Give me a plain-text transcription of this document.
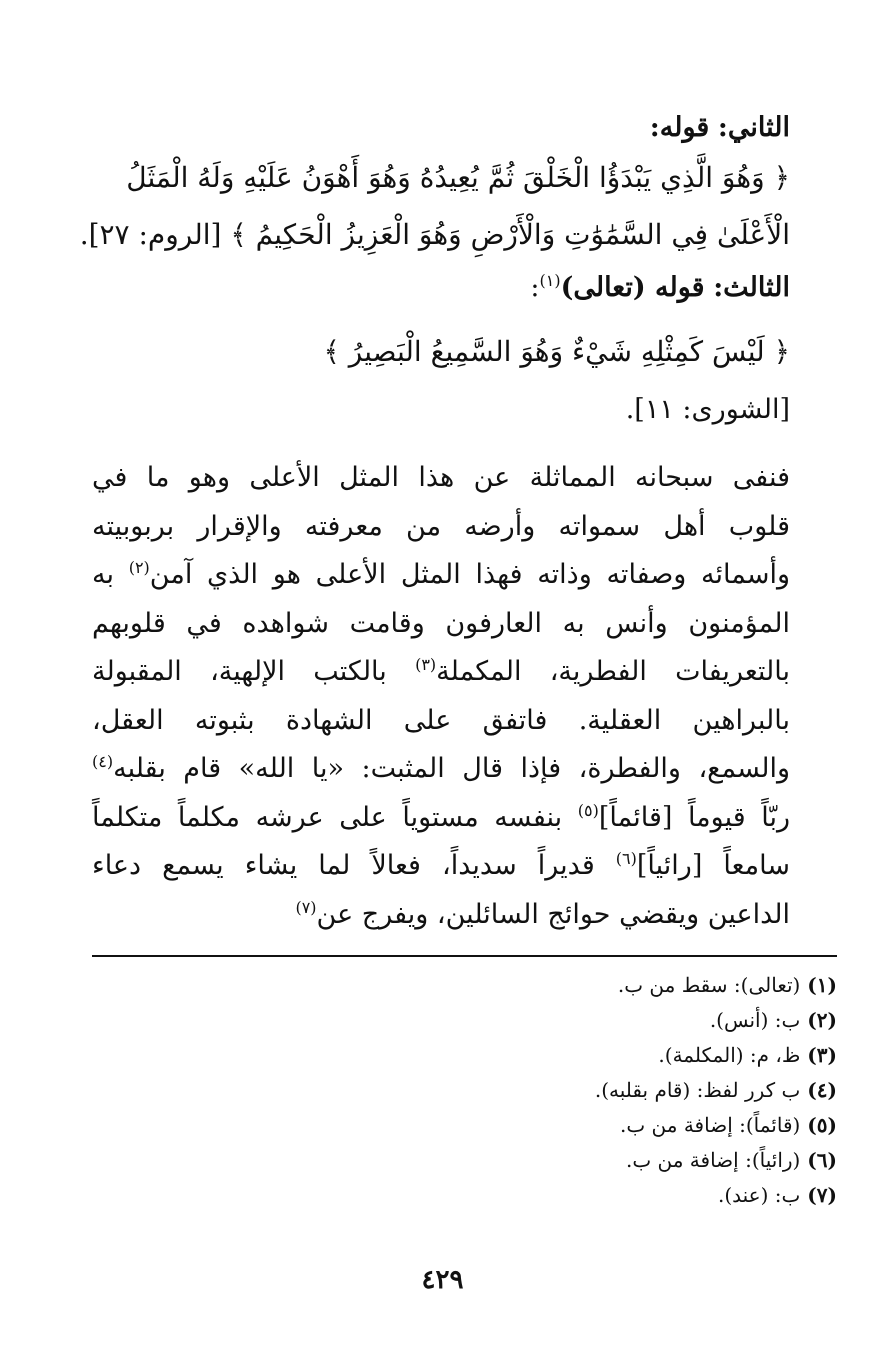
الثاني: قوله:
﴿ وَهُوَ الَّذِي يَبْدَؤُا الْخَلْقَ ثُمَّ يُعِيدُهُ وَهُوَ أَهْوَنُ عَلَيْهِ وَلَهُ الْمَثَلُ
الْأَعْلَىٰ فِي السَّمَٰوَٰتِ وَالْأَرْضِ وَهُوَ الْعَزِيزُ الْحَكِيمُ ﴾ [الروم: ٢٧].
الثالث: قوله (تعالى)$^{(١)}$:
﴿ لَيْسَ كَمِثْلِهِ شَيْءٌ وَهُوَ السَّمِيعُ الْبَصِيرُ ﴾
[الشورى: ١١].
فنفى سبحانه المماثلة عن هذا المثل الأعلى وهو ما في
قلوب أهل سمواته وأرضه من معرفته والإقرار بربوبيته
وأسمائه وصفاته وذاته فهذا المثل الأعلى هو الذي آمن$^{(٢)}$ به
المؤمنون وأنس به العارفون وقامت شواهده في قلوبهم
بالتعريفات الفطرية، المكملة$^{(٣)}$ بالكتب الإلهية، المقبولة
بالبراهين العقلية. فاتفق على الشهادة بثبوته العقل،
والسمع، والفطرة، فإذا قال المثبت: «يا الله» قام بقلبه$^{(٤)}$
ربّاً قيوماً [قائماً]$^{(٥)}$ بنفسه مستوياً على عرشه مكلماً متكلماً
سامعاً [رائياً]$^{(٦)}$ قديراً سديداً، فعالاً لما يشاء يسمع دعاء
الداعين ويقضي حوائج السائلين، ويفرج عن$^{(٧)}$
(١) (تعالى): سقط من ب.
(٢) ب: (أنس).
(٣) ظ، م: (المكلمة).
(٤) ب كرر لفظ: (قام بقلبه).
(٥) (قائماً): إضافة من ب.
(٦) (رائياً): إضافة من ب.
(٧) ب: (عند).
٤٢٩
